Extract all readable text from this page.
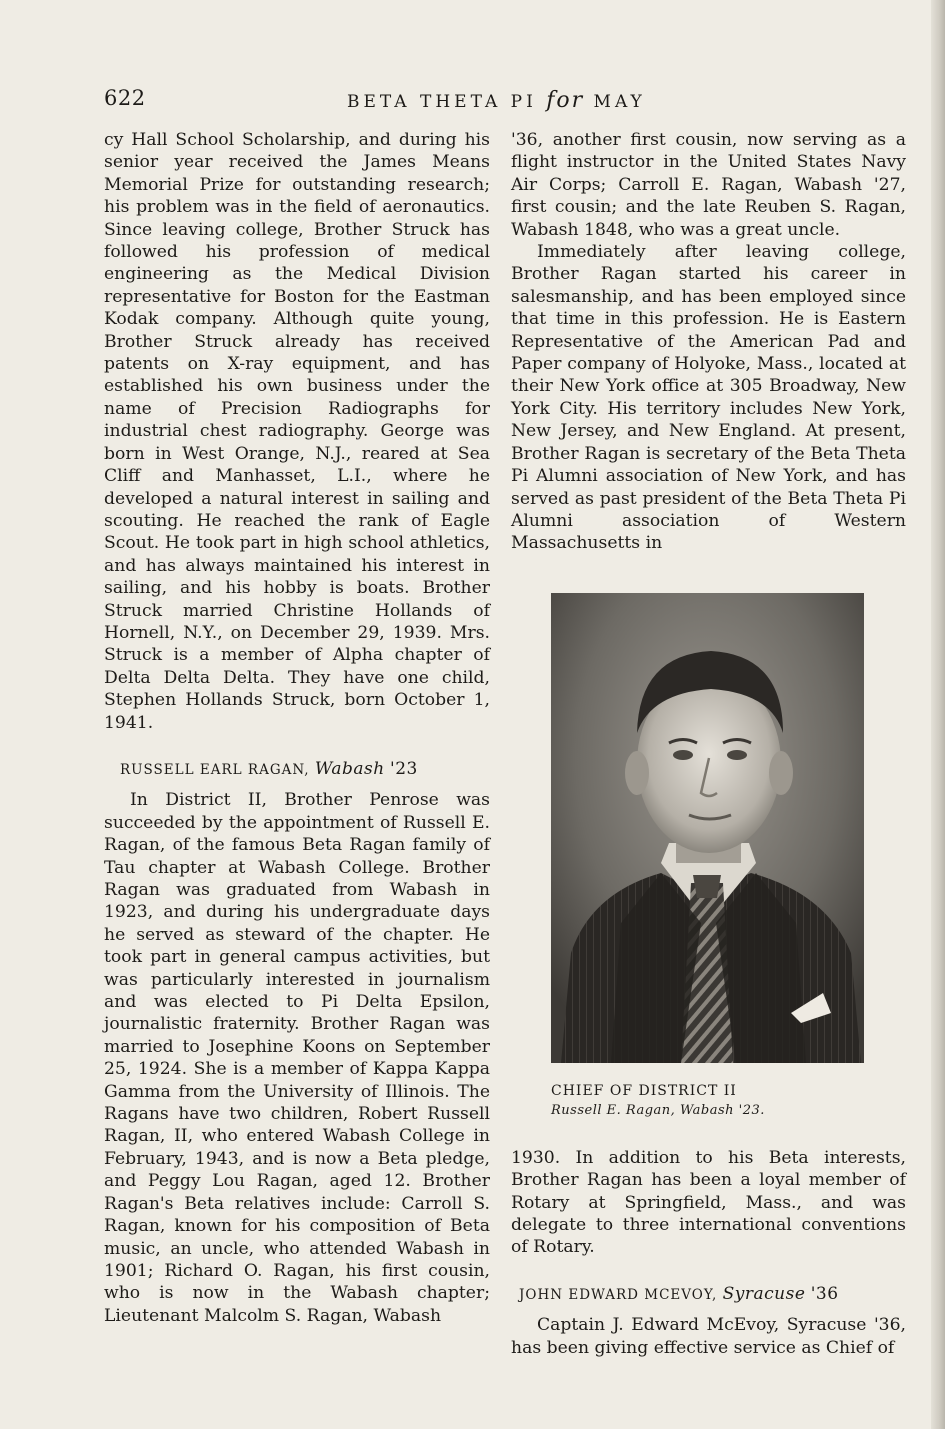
622	BETA THETA PI for MAY

cy Hall School Scholarship, and during his senior year received the James Means Memorial Prize for outstanding research; his problem was in the field of aeronautics. Since leaving college, Brother Struck has followed his profession of medical engineering as the Medical Division representative for Boston for the Eastman Kodak company. Although quite young, Brother Struck already has received patents on X-ray equipment, and has established his own business under the name of Precision Radiographs for industrial chest radiography. George was born in West Orange, N.J., reared at Sea Cliff and Manhasset, L.I., where he developed a natural interest in sailing and scouting. He reached the rank of Eagle Scout. He took part in high school athletics, and has always maintained his interest in sailing, and his hobby is boats. Brother Struck married Christine Hollands of Hornell, N.Y., on December 29, 1939. Mrs. Struck is a member of Alpha chapter of Delta Delta Delta. They have one child, Stephen Hollands Struck, born October 1, 1941.

RUSSELL EARL RAGAN, Wabash '23

In District II, Brother Penrose was succeeded by the appointment of Russell E. Ragan, of the famous Beta Ragan family of Tau chapter at Wabash College. Brother Ragan was graduated from Wabash in 1923, and during his undergraduate days he served as steward of the chapter. He took part in general campus activities, but was particularly interested in journalism and was elected to Pi Delta Epsilon, journalistic fraternity. Brother Ragan was married to Josephine Koons on September 25, 1924. She is a member of Kappa Kappa Gamma from the University of Illinois. The Ragans have two children, Robert Russell Ragan, II, who entered Wabash College in February, 1943, and is now a Beta pledge, and Peggy Lou Ragan, aged 12. Brother Ragan's Beta relatives include: Carroll S. Ragan, known for his composition of Beta music, an uncle, who attended Wabash in 1901; Richard O. Ragan, his first cousin, who is now in the Wabash chapter; Lieutenant Malcolm S. Ragan, Wabash

'36, another first cousin, now serving as a flight instructor in the United States Navy Air Corps; Carroll E. Ragan, Wabash '27, first cousin; and the late Reuben S. Ragan, Wabash 1848, who was a great uncle.

Immediately after leaving college, Brother Ragan started his career in salesmanship, and has been employed since that time in this profession. He is Eastern Representative of the American Pad and Paper company of Holyoke, Mass., located at their New York office at 305 Broadway, New York City. His territory includes New York, New Jersey, and New England. At present, Brother Ragan is secretary of the Beta Theta Pi Alumni association of New York, and has served as past president of the Beta Theta Pi Alumni association of Western Massachusetts in

CHIEF OF DISTRICT II
Russell E. Ragan, Wabash '23.

1930. In addition to his Beta interests, Brother Ragan has been a loyal member of Rotary at Springfield, Mass., and was delegate to three international conventions of Rotary.

JOHN EDWARD MCEVOY, Syracuse '36

Captain J. Edward McEvoy, Syracuse '36, has been giving effective service as Chief of
